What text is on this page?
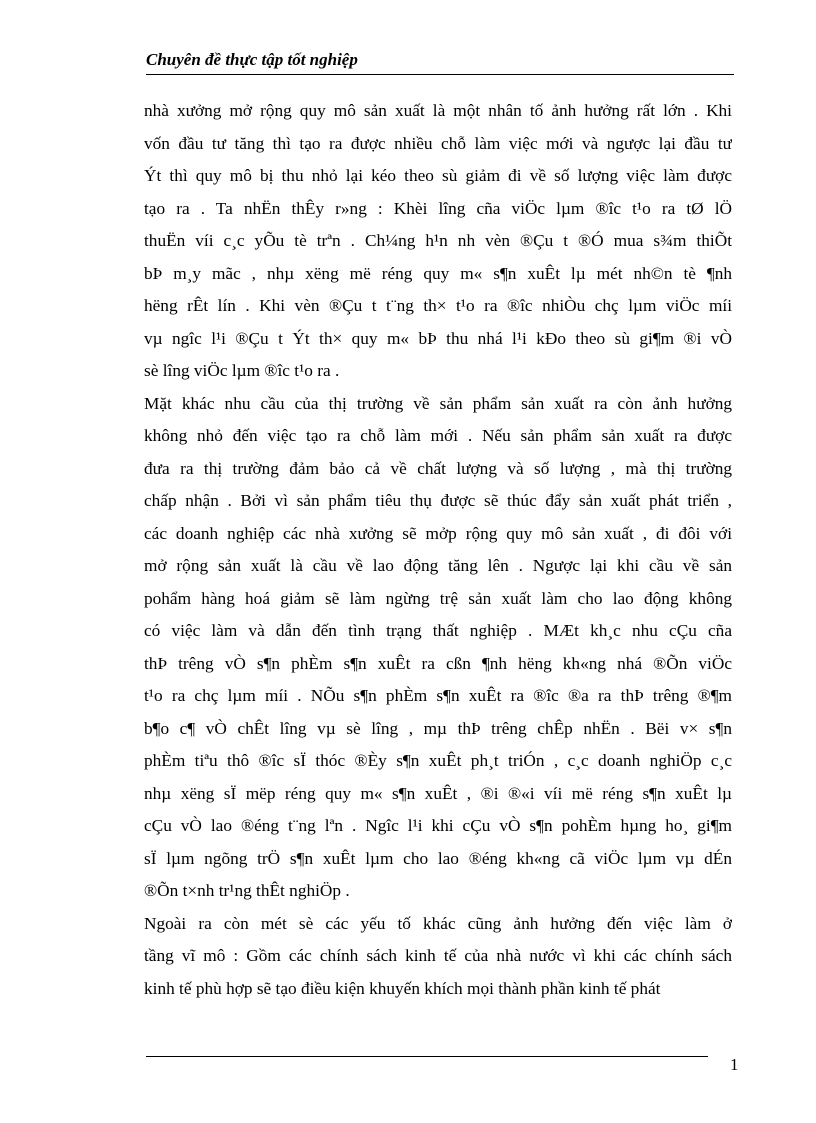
Chuyên đề thực tập tốt nghiệp
nhà xưởng mở rộng quy mô sản xuất là một nhân tố ảnh hưởng rất lớn . Khi
vốn đầu tư tăng thì tạo ra được nhiều chỗ làm việc mới và ngược lại đầu tư
Ýt thì quy mô bị thu nhỏ lại kéo theo sù giảm đi về số lượng việc làm được
tạo ra . Ta nhËn thÊy r»ng : Khèi lîng cña viÖc lµm ®îc t¹o ra tØ lÖ
thuËn víi c¸c yÕu tè trªn . Ch¼ng h¹n nh vèn ®Çu t ®Ó mua s¾m thiÕt
bÞ m¸y mãc , nhµ xëng më réng quy m« s¶n xuÊt lµ mét nh©n tè ¶nh
hëng rÊt lín . Khi vèn ®Çu t t¨ng th× t¹o ra ®îc nhiÒu chç lµm viÖc míi
vµ ngîc l¹i ®Çu t Ýt th× quy m« bÞ thu nhá l¹i kÐo theo sù gi¶m ®i vÒ
sè lîng viÖc lµm ®îc t¹o ra .
Mặt khác nhu cầu của thị trường về sản phẩm sản xuất ra còn ảnh hưởng
không nhỏ đến việc tạo ra chỗ làm mới . Nếu sản phẩm sản xuất ra được
đưa ra thị trường đảm bảo cả về chất lượng và số lượng , mà thị trường
chấp nhận . Bởi vì sản phẩm tiêu thụ được sẽ thúc đẩy sản xuất phát triển ,
các doanh nghiệp các nhà xưởng sẽ mởp rộng quy mô sản xuất , đi đôi với
mở rộng sản xuất là cầu về lao động tăng lên . Ngược lại khi cầu về sản
pohẩm hàng hoá giảm sẽ làm ngừng trệ sản xuất làm cho lao động không
có việc làm và dẫn đến tình trạng thất nghiệp . MÆt kh¸c nhu cÇu cña
thÞ trêng vÒ s¶n phÈm s¶n xuÊt ra cßn ¶nh hëng kh«ng nhá ®Õn viÖc
t¹o ra chç lµm míi . NÕu s¶n phÈm s¶n xuÊt ra ®îc ®a ra thÞ trêng ®¶m
b¶o c¶ vÒ chÊt lîng vµ sè lîng , mµ thÞ trêng chÊp nhËn . Bëi v× s¶n
phÈm tiªu thô ®îc sÏ thóc ®Èy s¶n xuÊt ph¸t triÓn , c¸c doanh nghiÖp c¸c
nhµ xëng sÏ mëp réng quy m« s¶n xuÊt , ®i ®«i víi më réng s¶n xuÊt lµ
cÇu vÒ lao ®éng t¨ng lªn . Ngîc l¹i khi cÇu vÒ s¶n pohÈm hµng ho¸ gi¶m
sÏ lµm ngõng trÖ s¶n xuÊt lµm cho lao ®éng kh«ng cã viÖc lµm vµ dÉn
®Õn t×nh tr¹ng thÊt nghiÖp .
Ngoài ra còn mét sè các yếu tố khác cũng ảnh hưởng đến việc làm ở
tầng vĩ mô : Gồm các chính sách kinh tế của nhà nước vì khi các chính sách
kinh tế phù hợp sẽ tạo điều kiện khuyến khích mọi thành phần kinh tế phát
1
